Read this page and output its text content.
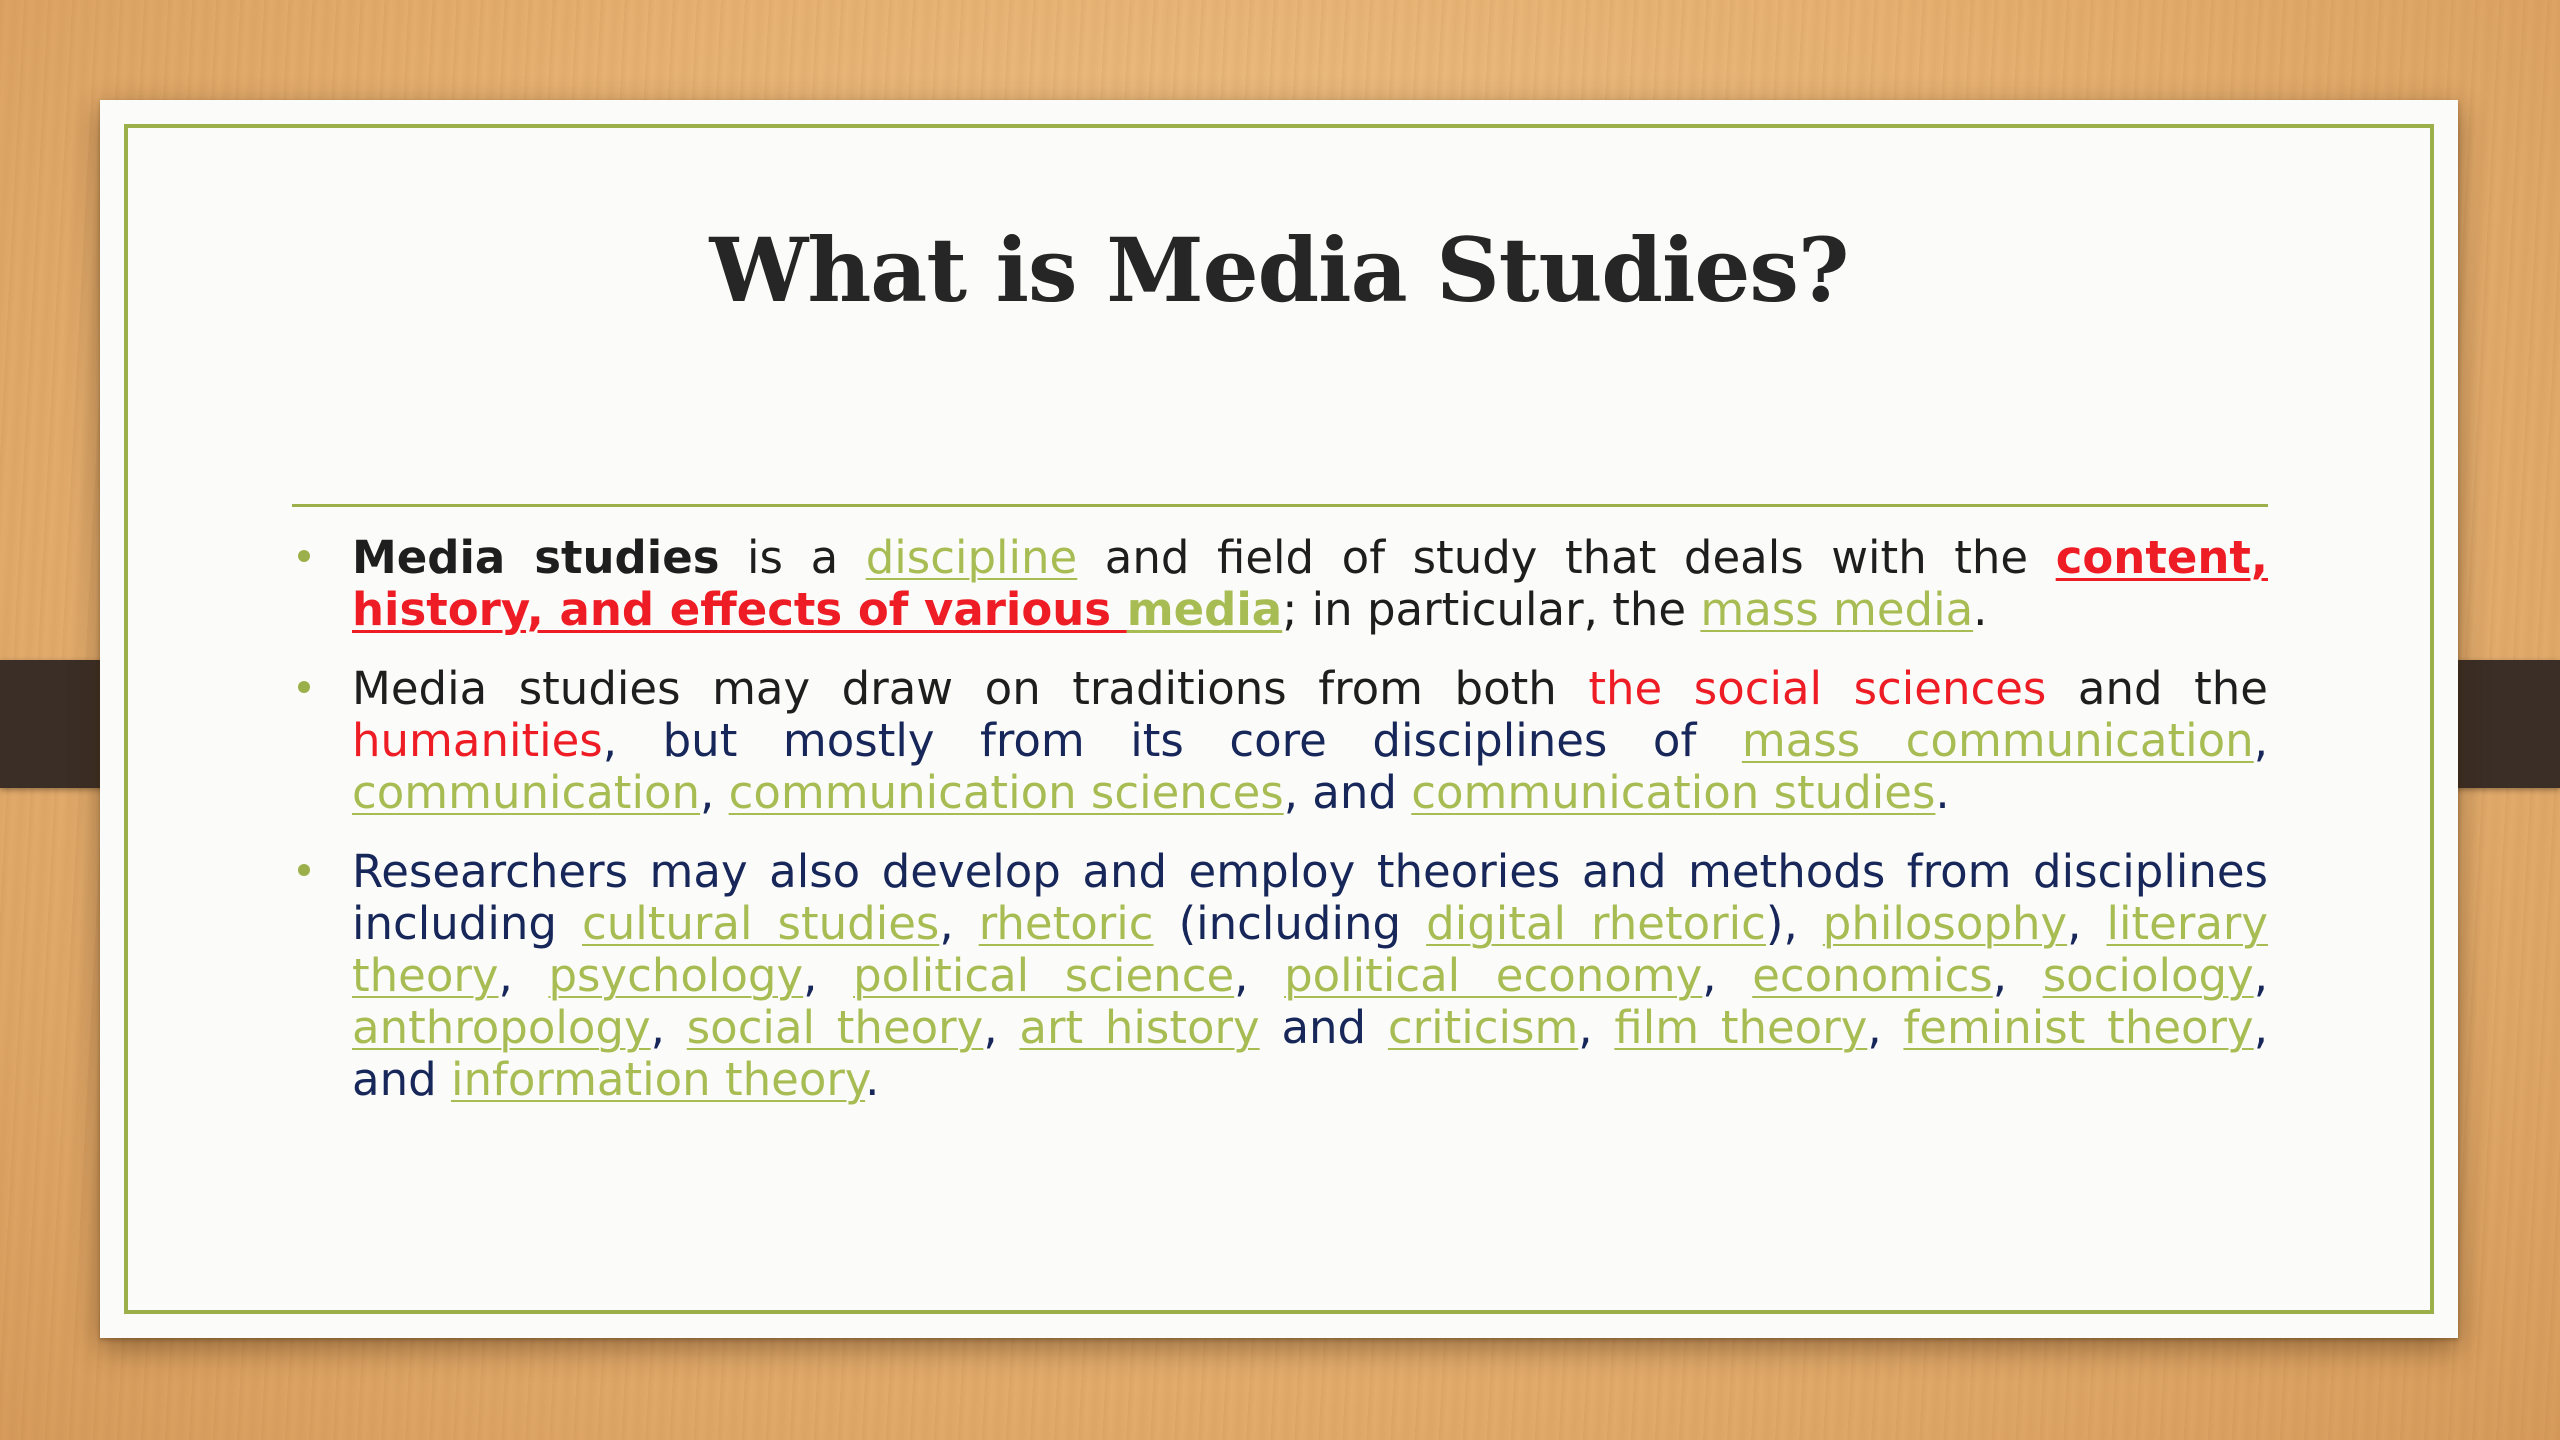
What is Media Studies?
Media studies is a discipline and field of study that deals with the content, history, and effects of various media; in particular, the mass media.
Media studies may draw on traditions from both the social sciences and the humanities, but mostly from its core disciplines of mass communication, communication, communication sciences, and communication studies.
Researchers may also develop and employ theories and methods from disciplines including cultural studies, rhetoric (including digital rhetoric), philosophy, literary theory, psychology, political science, political economy, economics, sociology, anthropology, social theory, art history and criticism, film theory, feminist theory, and information theory.
